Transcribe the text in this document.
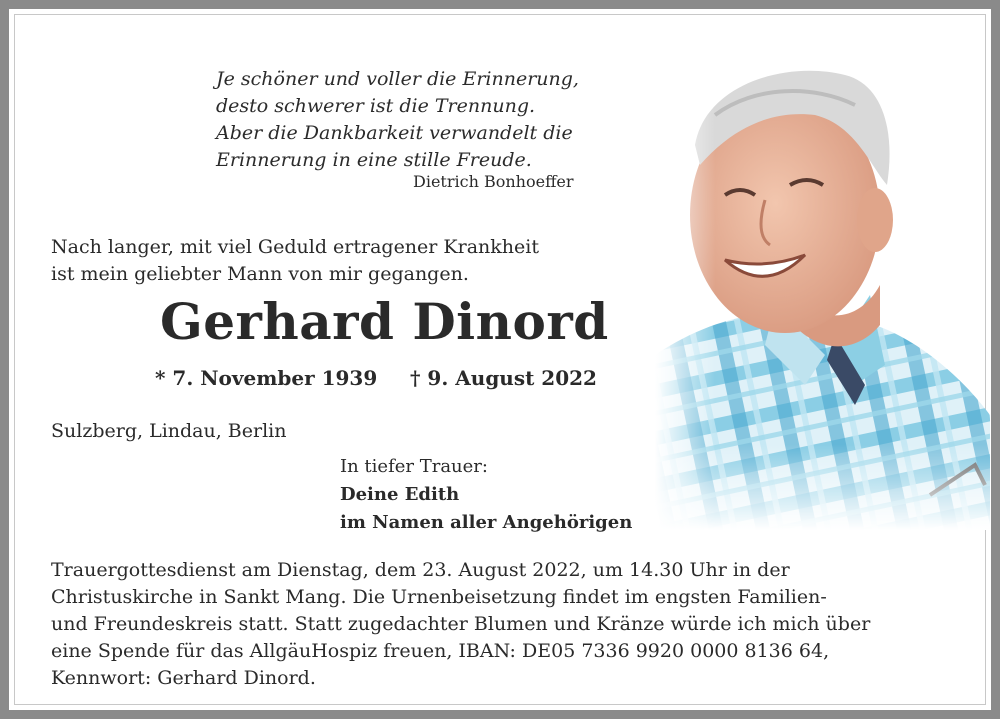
Je schöner und voller die Erinnerung,
desto schwerer ist die Trennung.
Aber die Dankbarkeit verwandelt die
Erinnerung in eine stille Freude.
Dietrich Bonhoeffer
Nach langer, mit viel Geduld ertragener Krankheit
ist mein geliebter Mann von mir gegangen.
Gerhard Dinord
* 7. November 1939 † 9. August 2022
Sulzberg, Lindau, Berlin
In tiefer Trauer:
Deine Edith
im Namen aller Angehörigen
Trauergottesdienst am Dienstag, dem 23. August 2022, um 14.30 Uhr in der
Christuskirche in Sankt Mang. Die Urnenbeisetzung findet im engsten Familien-
und Freundeskreis statt. Statt zugedachter Blumen und Kränze würde ich mich über
eine Spende für das AllgäuHospiz freuen, IBAN: DE05 7336 9920 0000 8136 64,
Kennwort: Gerhard Dinord.
